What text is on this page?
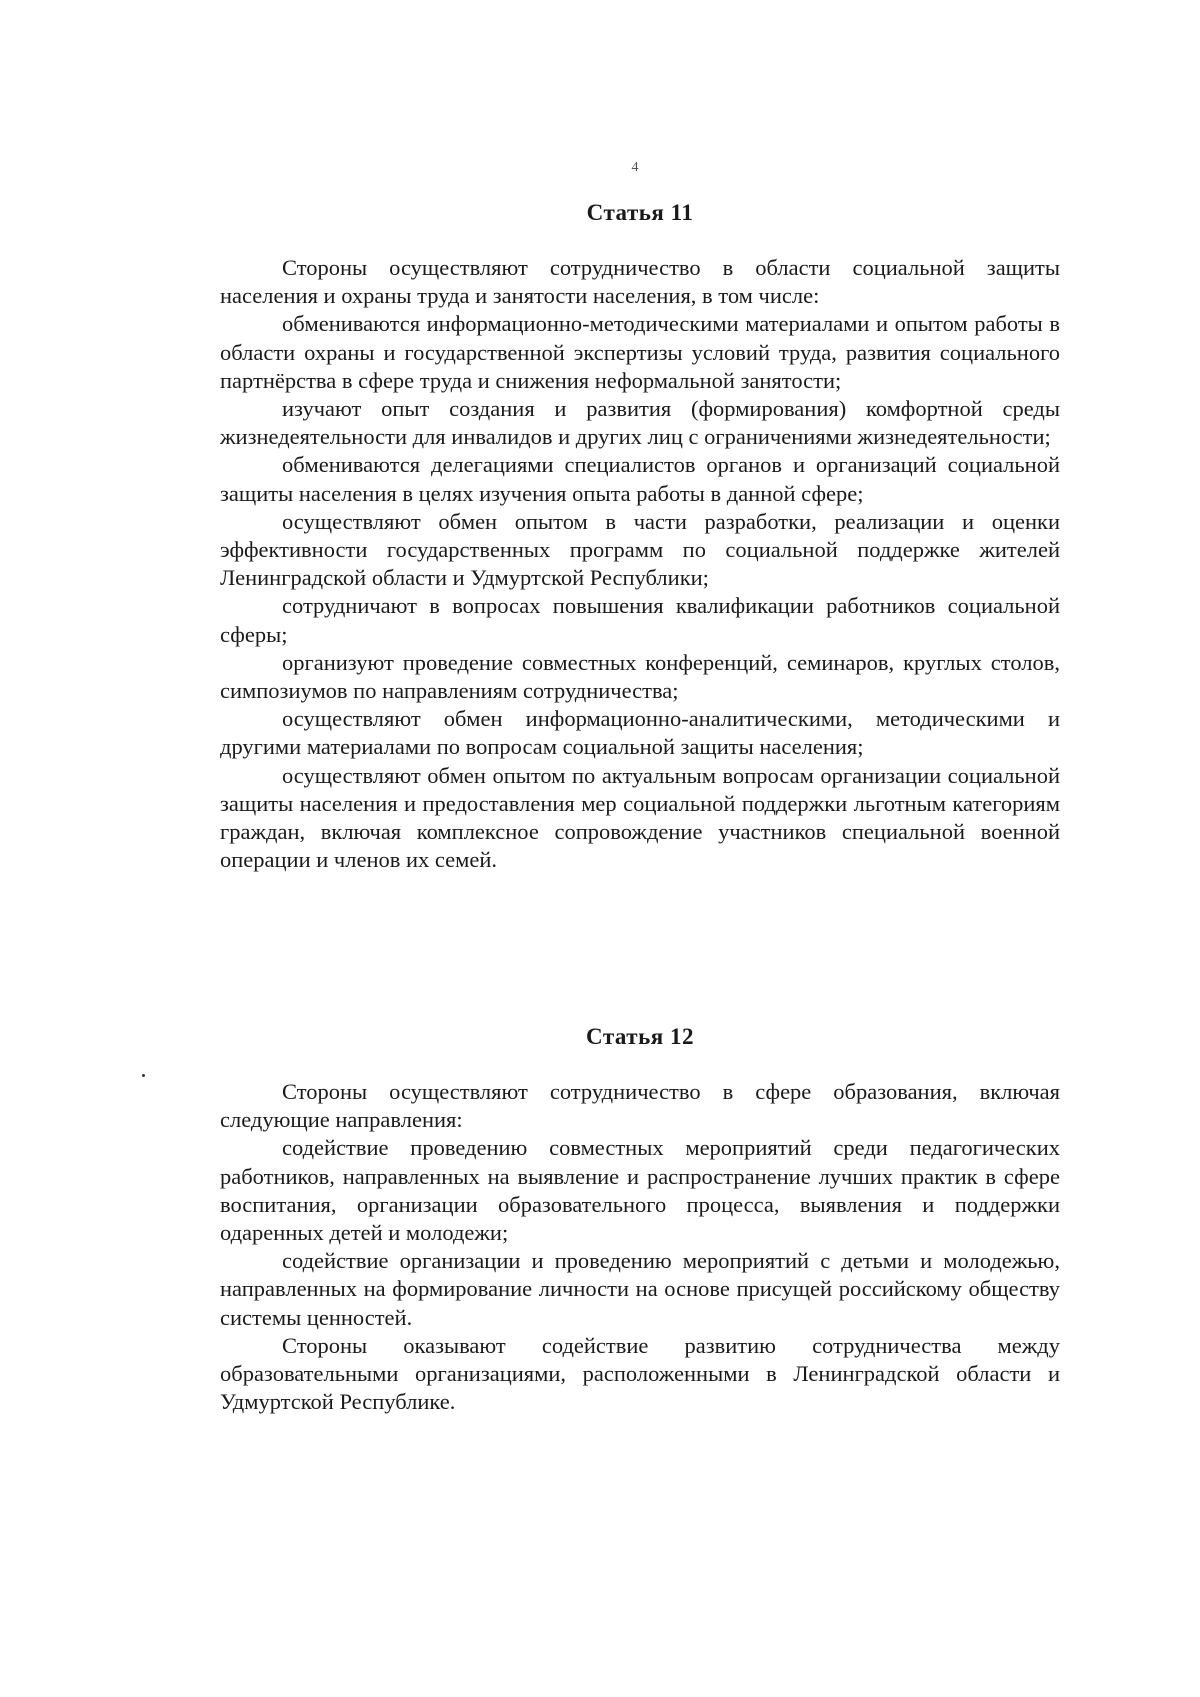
4
Статья 11

Стороны осуществляют сотрудничество в области социальной защиты населения и охраны труда и занятости населения, в том числе:

обмениваются информационно-методическими материалами и опытом работы в области охраны и государственной экспертизы условий труда, развития социального партнёрства в сфере труда и снижения неформальной занятости;

изучают опыт создания и развития (формирования) комфортной среды жизнедеятельности для инвалидов и других лиц с ограничениями жизнедеятельности;

обмениваются делегациями специалистов органов и организаций социальной защиты населения в целях изучения опыта работы в данной сфере;

осуществляют обмен опытом в части разработки, реализации и оценки эффективности государственных программ по социальной поддержке жителей Ленинградской области и Удмуртской Республики;

сотрудничают в вопросах повышения квалификации работников социальной сферы;

организуют проведение совместных конференций, семинаров, круглых столов, симпозиумов по направлениям сотрудничества;

осуществляют обмен информационно-аналитическими, методическими и другими материалами по вопросам социальной защиты населения;

осуществляют обмен опытом по актуальным вопросам организации социальной защиты населения и предоставления мер социальной поддержки льготным категориям граждан, включая комплексное сопровождение участников специальной военной операции и членов их семей.

Статья 12

Стороны осуществляют сотрудничество в сфере образования, включая следующие направления:

содействие проведению совместных мероприятий среди педагогических работников, направленных на выявление и распространение лучших практик в сфере воспитания, организации образовательного процесса, выявления и поддержки одаренных детей и молодежи;

содействие организации и проведению мероприятий с детьми и молодежью, направленных на формирование личности на основе присущей российскому обществу системы ценностей.

Стороны оказывают содействие развитию сотрудничества между образовательными организациями, расположенными в Ленинградской области и Удмуртской Республике.
